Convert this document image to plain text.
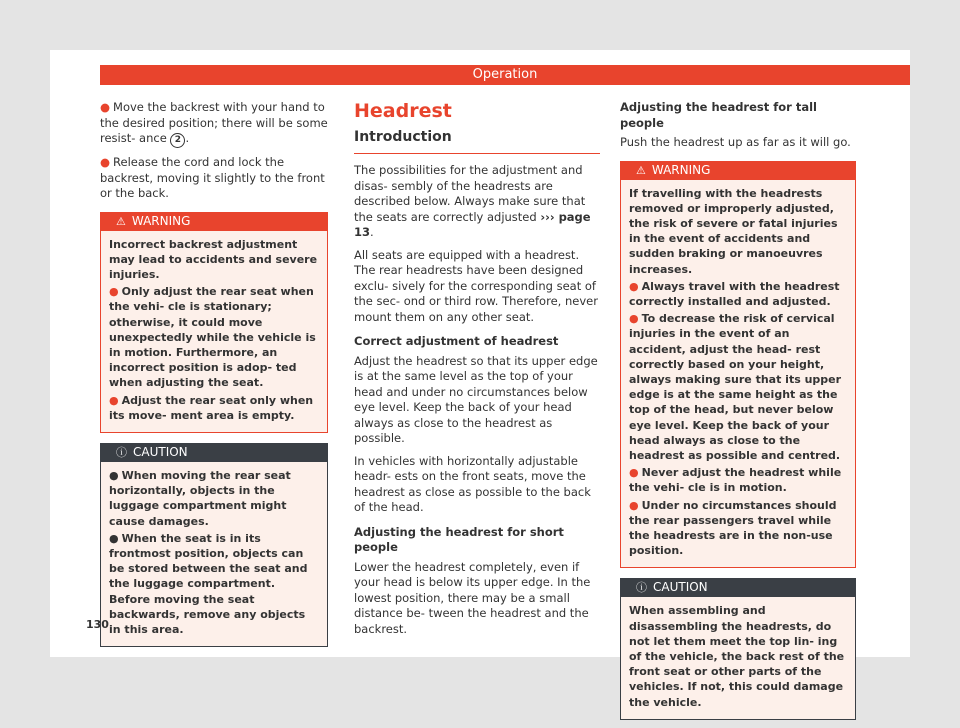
Operation

● Move the backrest with your hand to the desired position; there will be some resist- ance 2 .

● Release the cord and lock the backrest, moving it slightly to the front or the back.

⚠ WARNING

Incorrect backrest adjustment may lead to accidents and severe injuries.

● Only adjust the rear seat when the vehi- cle is stationary; otherwise, it could move unexpectedly while the vehicle is in motion. Furthermore, an incorrect position is adop- ted when adjusting the seat.

● Adjust the rear seat only when its move- ment area is empty.

ⓘ CAUTION

● When moving the rear seat horizontally, objects in the luggage compartment might cause damages.

● When the seat is in its frontmost position, objects can be stored between the seat and the luggage compartment. Before moving the seat backwards, remove any objects in this area.

Headrest
Introduction

The possibilities for the adjustment and disas- sembly of the headrests are described below. Always make sure that the seats are correctly adjusted ››› page 13.

All seats are equipped with a headrest. The rear headrests have been designed exclu- sively for the corresponding seat of the sec- ond or third row. Therefore, never mount them on any other seat.

Correct adjustment of headrest

Adjust the headrest so that its upper edge is at the same level as the top of your head and under no circumstances below eye level. Keep the back of your head always as close to the headrest as possible.

In vehicles with horizontally adjustable headr- ests on the front seats, move the headrest as close as possible to the back of the head.

Adjusting the headrest for short people

Lower the headrest completely, even if your head is below its upper edge. In the lowest position, there may be a small distance be- tween the headrest and the backrest.

Adjusting the headrest for tall people

Push the headrest up as far as it will go.

⚠ WARNING

If travelling with the headrests removed or improperly adjusted, the risk of severe or fatal injuries in the event of accidents and sudden braking or manoeuvres increases.

● Always travel with the headrest correctly installed and adjusted.

● To decrease the risk of cervical injuries in the event of an accident, adjust the head- rest correctly based on your height, always making sure that its upper edge is at the same height as the top of the head, but never below eye level. Keep the back of your head always as close to the headrest as possible and centred.

● Never adjust the headrest while the vehi- cle is in motion.

● Under no circumstances should the rear passengers travel while the headrests are in the non-use position.

ⓘ CAUTION

When assembling and disassembling the headrests, do not let them meet the top lin- ing of the vehicle, the back rest of the front seat or other parts of the vehicles. If not, this could damage the vehicle.

130
